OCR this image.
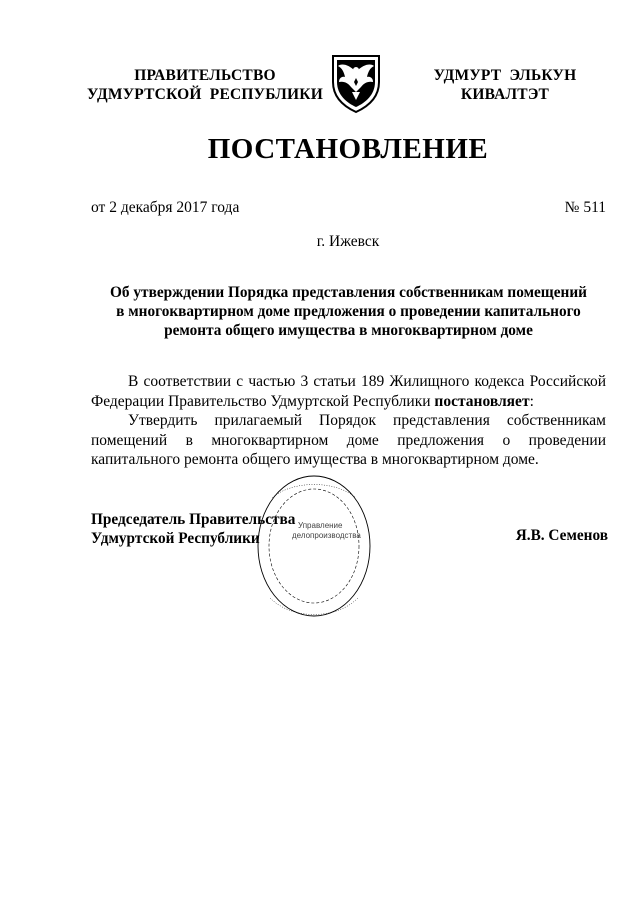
ПРАВИТЕЛЬСТВО
УДМУРТСКОЙ  РЕСПУБЛИКИ
УДМУРТ  ЭЛЬКУН
КИВАЛТЭТ
ПОСТАНОВЛЕНИЕ
от 2 декабря 2017 года	№ 511
г. Ижевск
Об утверждении Порядка представления собственникам помещений
в многоквартирном доме предложения о проведении капитального
ремонта общего имущества в многоквартирном доме
В соответствии с частью 3 статьи 189 Жилищного кодекса Российской Федерации Правительство Удмуртской Республики постановляет:
Утвердить прилагаемый Порядок представления собственникам помещений в многоквартирном доме предложения о проведении капитального ремонта общего имущества в многоквартирном доме.
Управление
делопроизводства
Председатель Правительства
Удмуртской Республики	Я.В. Семенов
